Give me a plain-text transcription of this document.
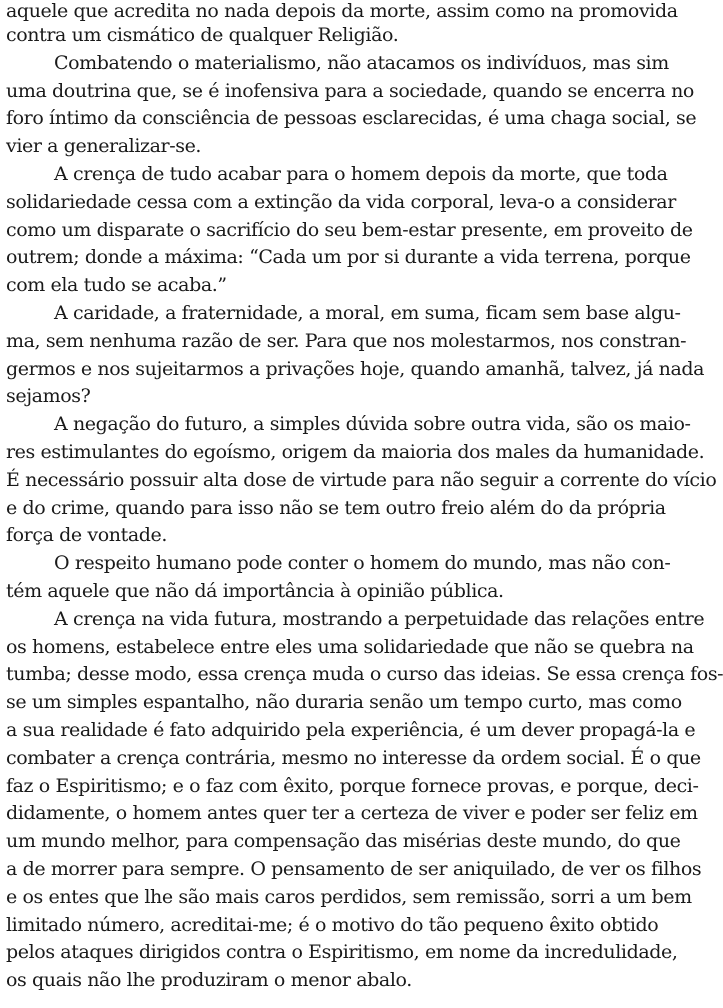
aquele que acredita no nada depois da morte, assim como na promovida
contra um cismático de qualquer Religião.
Combatendo o materialismo, não atacamos os indivíduos, mas sim
uma doutrina que, se é inofensiva para a sociedade, quando se encerra no
foro íntimo da consciência de pessoas esclarecidas, é uma chaga social, se
vier a generalizar-se.
A crença de tudo acabar para o homem depois da morte, que toda
solidariedade cessa com a extinção da vida corporal, leva-o a considerar
como um disparate o sacrifício do seu bem-estar presente, em proveito de
outrem; donde a máxima: “Cada um por si durante a vida terrena, porque
com ela tudo se acaba.”
A caridade, a fraternidade, a moral, em suma, ficam sem base algu-
ma, sem nenhuma razão de ser. Para que nos molestarmos, nos constran-
germos e nos sujeitarmos a privações hoje, quando amanhã, talvez, já nada
sejamos?
A negação do futuro, a simples dúvida sobre outra vida, são os maio-
res estimulantes do egoísmo, origem da maioria dos males da humanidade.
É necessário possuir alta dose de virtude para não seguir a corrente do vício
e do crime, quando para isso não se tem outro freio além do da própria
força de vontade.
O respeito humano pode conter o homem do mundo, mas não con-
tém aquele que não dá importância à opinião pública.
A crença na vida futura, mostrando a perpetuidade das relações entre
os homens, estabelece entre eles uma solidariedade que não se quebra na
tumba; desse modo, essa crença muda o curso das ideias. Se essa crença fos-
se um simples espantalho, não duraria senão um tempo curto, mas como
a sua realidade é fato adquirido pela experiência, é um dever propagá-la e
combater a crença contrária, mesmo no interesse da ordem social. É o que
faz o Espiritismo; e o faz com êxito, porque fornece provas, e porque, deci-
didamente, o homem antes quer ter a certeza de viver e poder ser feliz em
um mundo melhor, para compensação das misérias deste mundo, do que
a de morrer para sempre. O pensamento de ser aniquilado, de ver os filhos
e os entes que lhe são mais caros perdidos, sem remissão, sorri a um bem
limitado número, acreditai-me; é o motivo do tão pequeno êxito obtido
pelos ataques dirigidos contra o Espiritismo, em nome da incredulidade,
os quais não lhe produziram o menor abalo.
